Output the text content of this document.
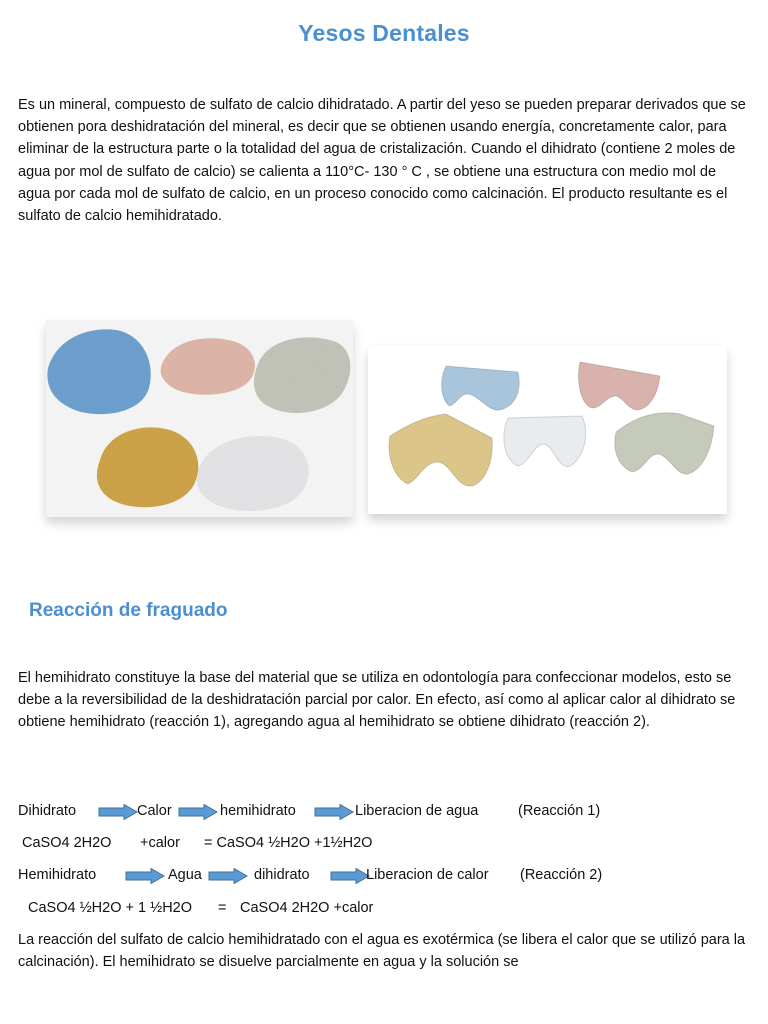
Yesos Dentales

Es un mineral, compuesto de sulfato de calcio dihidratado. A partir del yeso se pueden preparar derivados que se obtienen pora deshidratación del mineral, es decir que se obtienen usando energía, concretamente calor, para eliminar de la estructura parte o la totalidad del agua de cristalización. Cuando el dihidrato (contiene 2 moles de agua por mol de sulfato de calcio) se calienta a 110°C- 130 ° C , se obtiene una estructura con medio mol de agua por cada mol de sulfato de calcio, en un proceso conocido como calcinación. El producto resultante es el sulfato de calcio hemihidratado.

Reacción de fraguado

El hemihidrato constituye la base del material que se utiliza en odontología para confeccionar modelos, esto se debe a la reversibilidad de la deshidratación parcial por calor. En efecto, así como al aplicar calor al dihidrato se obtiene hemihidrato (reacción 1), agregando agua al hemihidrato se obtiene dihidrato (reacción 2).

Dihidrato	Calor	hemihidrato	Liberacion de agua	(Reacción 1)
CaSO4 2H2O +calor = CaSO4 ½H2O +1½H2O
Hemihidrato	Agua	dihidrato	Liberacion de calor (Reacción 2)
CaSO4 ½H2O + 1 ½H2O = CaSO4 2H2O +calor

La reacción del sulfato de calcio hemihidratado con el agua es exotérmica (se libera el calor que se utilizó para la calcinación). El hemihidrato se disuelve parcialmente en agua y la solución se
